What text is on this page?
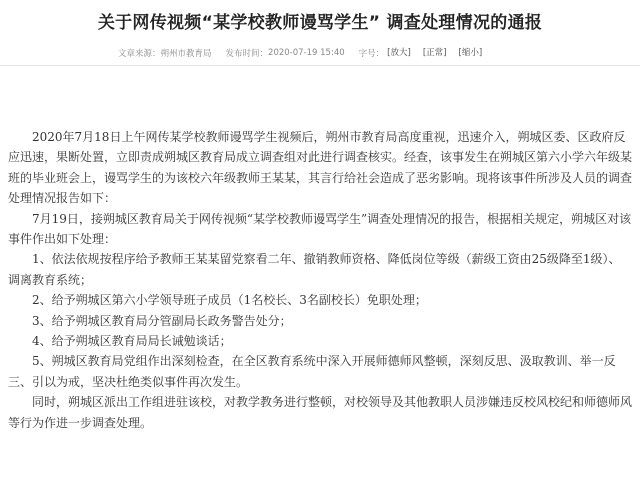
关于网传视频“某学校教师谩骂学生” 调查处理情况的通报
文章来源： 朔州市教育局 发布时间： 2020-07-19 15:40 字号： [放大]	[正常]	[缩小]

2020年7月18日上午网传某学校教师谩骂学生视频后，朔州市教育局高度重视，迅速介入，朔城区委、区政府反应迅速，果断处置，立即责成朔城区教育局成立调查组对此进行调查核实。经查，该事发生在朔城区第六小学六年级某班的毕业班会上，谩骂学生的为该校六年级教师王某某，其言行给社会造成了恶劣影响。现将该事件所涉及人员的调查处理情况报告如下：

7月19日，接朔城区教育局关于网传视频“某学校教师谩骂学生”调查处理情况的报告，根据相关规定，朔城区对该事件作出如下处理：

1、依法依规按程序给予教师王某某留党察看二年、撤销教师资格、降低岗位等级（薪级工资由25级降至1级）、调离教育系统；

2、给予朔城区第六小学领导班子成员（1名校长、3名副校长）免职处理；

3、给予朔城区教育局分管副局长政务警告处分；

4、给予朔城区教育局局长诫勉谈话；

5、朔城区教育局党组作出深刻检查，在全区教育系统中深入开展师德师风整顿，深刻反思、汲取教训、举一反三、引以为戒，坚决杜绝类似事件再次发生。

同时，朔城区派出工作组进驻该校，对教学教务进行整顿，对校领导及其他教职人员涉嫌违反校风校纪和师德师风等行为作进一步调查处理。
